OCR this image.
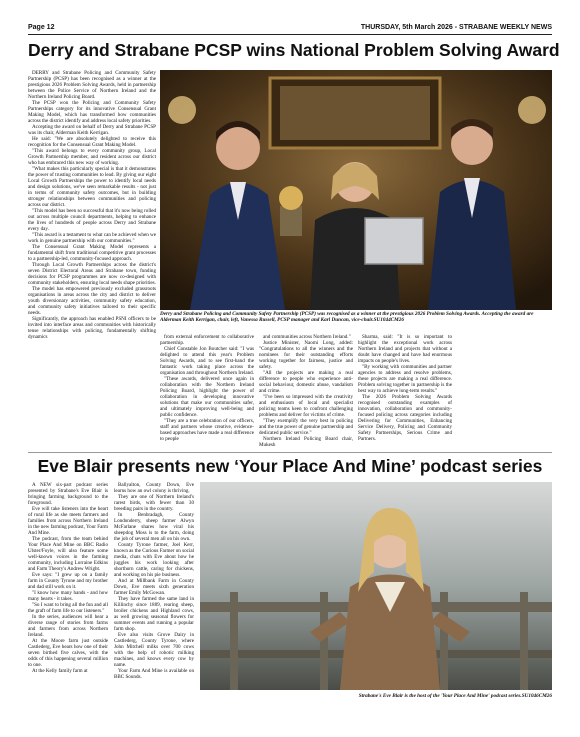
Page 12	THURSDAY, 5th March 2026 - STRABANE WEEKLY NEWS
Derry and Strabane PCSP wins National Problem Solving Award

DERRY and Strabane Policing and Community Safety Partnership (PCSP) has been recognised as a winner at the prestigious 2026 Problem Solving Awards, held in partnership between the Police Service of Northern Ireland and the Northern Ireland Policing Board.

The PCSP won the Policing and Community Safety Partnerships category for its innovative Consensual Grant Making Model, which has transformed how communities across the district identify and address local safety priorities.

Accepting the award on behalf of Derry and Strabane PCSP was its chair, Alderman Keith Kerrigan.

He said: "We are absolutely delighted to receive this recognition for the Consensual Grant Making Model.

"This award belongs to every community group, Local Growth Partnership member, and resident across our district who has embraced this new way of working.

"What makes this particularly special is that it demonstrates the power of trusting communities to lead. By giving our eight Local Growth Partnerships the power to identify local needs and design solutions, we've seen remarkable results - not just in terms of community safety outcomes, but in building stronger relationships between communities and policing across our district.

"This model has been so successful that it's now being rolled out across multiple council departments, helping to enhance the lives of hundreds of people across Derry and Strabane every day.

"This award is a testament to what can be achieved when we work in genuine partnership with our communities."

The Consensual Grant Making Model represents a fundamental shift from traditional competitive grant processes to a partnership-led, community-focused approach.

Through Local Growth Partnerships across the district's seven District Electoral Areas and Strabane town, funding decisions for PCSP programmes are now co-designed with community stakeholders, ensuring local needs shape priorities.

The model has empowered previously excluded grassroots organisations in areas across the city and district to deliver youth diversionary activities, community safety education, and community safety initiatives tailored to their specific needs.

Significantly, the approach has enabled PSNI officers to be invited into interface areas and communities with historically tense relationships with policing, fundamentally shifting dynamics

Derry and Strabane Policing and Community Safety Partnership (PCSP) was recognised as a winner at the prestigious 2026 Problem Solving Awards. Accepting the award are Alderman Keith Kerrigan, chair, left, Vanessa Russell, PCSP manager and Karl Duncan, vice-chair.SU1044CM26

from external enforcement to collaborative partnership.

Chief Constable Jon Boutcher said: "I was delighted to attend this year's Problem Solving Awards, and to see first-hand the fantastic work taking place across the organisation and throughout Northern Ireland.

"These awards, delivered once again in collaboration with the Northern Ireland Policing Board, highlight the power of collaboration in developing innovative solutions that make our communities safer, and ultimately improving well-being and public confidence.

"They are a true celebration of our officers, staff and partners whose creative, evidence-based approaches have made a real difference to people

and communities across Northern Ireland."

Justice Minister, Naomi Long, added: "Congratulations to all the winners and the nominees for their outstanding efforts working together for fairness, justice and safety.

"All the projects are making a real difference to people who experience anti-social behaviour, domestic abuse, vandalism and crime.

"I've been so impressed with the creativity and enthusiasm of local and specialist policing teams keen to confront challenging problems and deliver for victims of crime.

"They exemplify the very best in policing and the true power of genuine partnership and dedicated public service."

Northern Ireland Policing Board chair, Mukesh

Sharma, said: "It is so important to highlight the exceptional work across Northern Ireland and projects that without a doubt have changed and have had enormous impacts on people's lives.

"By working with communities and partner agencies to address and resolve problems, these projects are making a real difference. Problem solving together in partnership is the best way to achieve long-term results."

The 2026 Problem Solving Awards recognised outstanding examples of innovation, collaboration and community-focused policing across categories including Delivering for Communities, Enhancing Service Delivery, Policing and Community Safety Partnerships, Serious Crime and Partners.

Eve Blair presents new ‘Your Place And Mine’ podcast series

A NEW six-part podcast series presented by Strabane's Eve Blair is bringing farming background to the foreground.

Eve will take listeners into the heart of rural life as she meets farmers and families from across Northern Ireland in the new farming podcast, Your Farm And Mine.

The podcast, from the team behind Your Place And Mine on BBC Radio Ulster/Foyle, will also feature some well-known voices in the farming community, including Lorraine Edkins and Farm Theory's Andrew Wright.

Eve says: "I grew up on a family farm in County Tyrone and my brother and dad still work on it.

"I know how many hands - and how many hearts - it takes.

"So I want to bring all the fun and all the graft of farm life to our listeners."

In the series, audiences will hear a diverse range of stories from farms and farmers from across Northern Ireland.

At the Moore farm just outside Castlederg, Eve hears how one of their seven birthed five calves, with the odds of this happening several million to one.

At the Kelly family farm at

Ballyalton, County Down, Eve learns how an owl colony is thriving.

They are one of Northern Ireland's rarest birds, with fewer than 30 breeding pairs in the country.

In Benbradagh, County Londonderry, sheep farmer Alwyn McFarlane shares how viral his sheepdog Moss is to the farm, doing the job of several men all on his own.

County Tyrone farmer, Joel Kerr, known as the Curious Farmer on social media, chats with Eve about how he juggles his work looking after shorthorn cattle, caring for chickens, and working on his pie business.

And at Millbank Farm in County Down, Eve meets sixth generation farmer Emily McGowan.

They have farmed the same land in Killinchy since 1889, rearing sheep, broiler chickens and Highland cows, as well growing seasonal flowers for summer events and running a popular farm shop.

Eve also visits Grove Dairy in Castlederg, County Tyrone, where John Mitchell milks over 700 cows with the help of robotic milking machines, and knows every cow by name.

Your Farm And Mine is available on BBC Sounds.

Strabane's Eve Blair is the host of the 'Your Place And Mine' podcast series.SU1046CM26
